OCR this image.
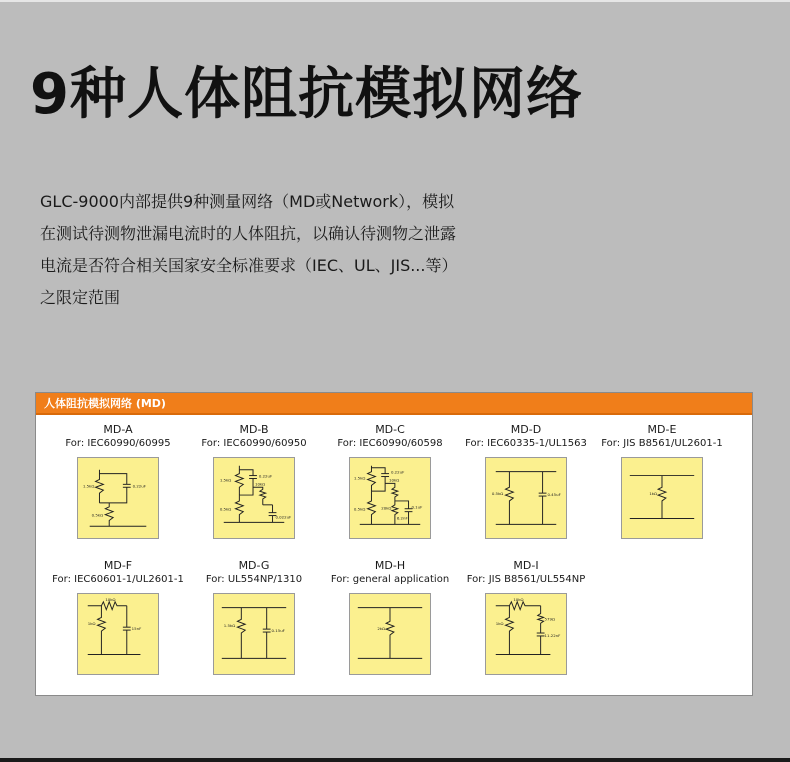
9种人体阻抗模拟网络

GLC-9000内部提供9种测量网络（MD或Network），模拟

在测试待测物泄漏电流时的人体阻抗，以确认待测物之泄露

电流是否符合相关国家安全标准要求（IEC、UL、JIS...等）

之限定范围

人体阻抗模拟网络 (MD)
MD-A
For: IEC60990/60995
1.5kΩ	0.22uF
0.5kΩ
MD-B
For: IEC60990/60950
1.5kΩ
0.22uF
10kΩ
0.5kΩ
0.022uF
MD-C
For: IEC60990/60598
1.5kΩ
0.22uF
10kΩ
20kΩ	0.1uF
6.2nF
0.5kΩ
MD-D
For: IEC60335-1/UL1563
0.5kΩ	0.45uF
MD-E
For: JIS B8561/UL2601-1
1kΩ
MD-F
For: IEC60601-1/UL2601-1
10kΩ
1kΩ
15nF
MD-G
For: UL554NP/1310
1.5kΩ
0.15uF
MD-H
For: general application
2kΩ
MD-I
For: JIS B8561/UL554NP
10kΩ
1kΩ
579Ω
11.22nF
